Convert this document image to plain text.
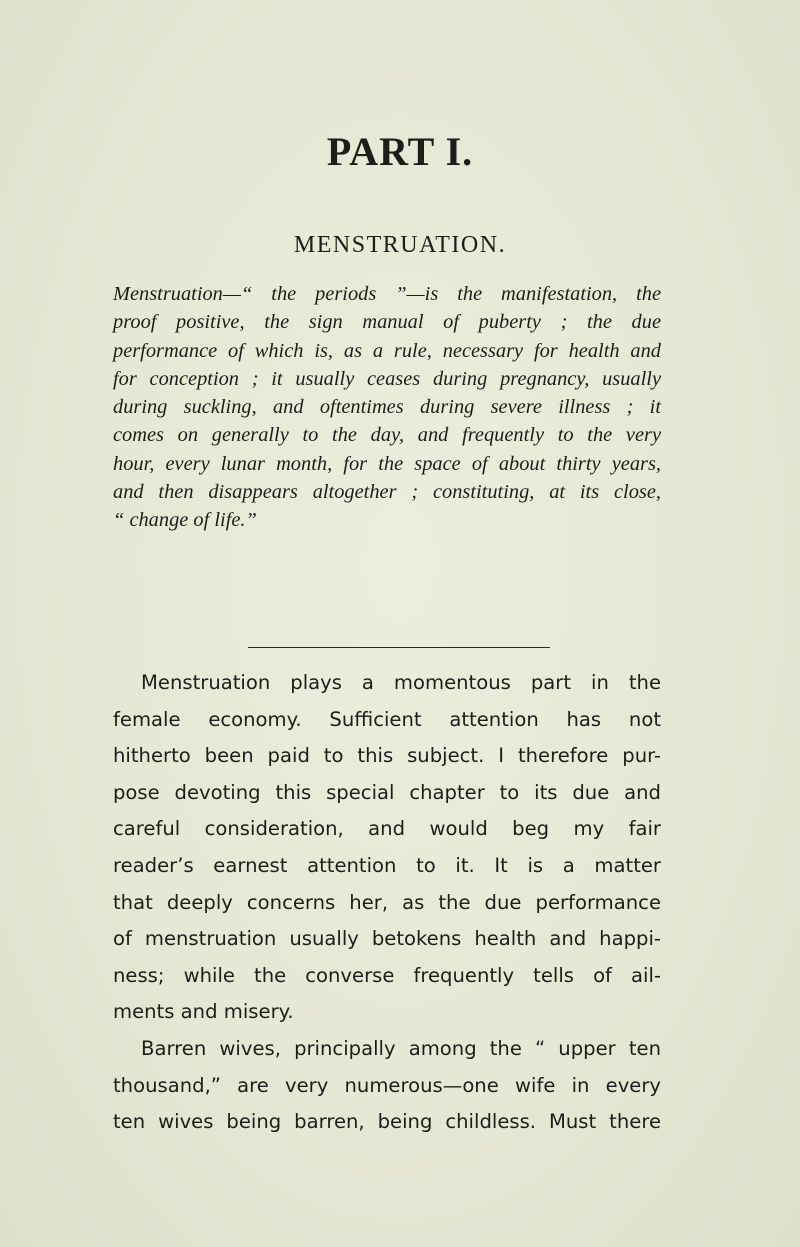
PART I.
MENSTRUATION.
Menstruation—“ the periods ”—is the manifestation, the
proof positive, the sign manual of puberty ; the due
performance of which is, as a rule, necessary for health and
for conception ; it usually ceases during pregnancy, usually
during suckling, and oftentimes during severe illness ; it
comes on generally to the day, and frequently to the very
hour, every lunar month, for the space of about thirty years,
and then disappears altogether ; constituting, at its close,
“ change of life.”
Menstruation plays a momentous part in the
female economy. Sufficient attention has not
hitherto been paid to this subject. I therefore pur-
pose devoting this special chapter to its due and
careful consideration, and would beg my fair
reader’s earnest attention to it. It is a matter
that deeply concerns her, as the due performance
of menstruation usually betokens health and happi-
ness; while the converse frequently tells of ail-
ments and misery.
Barren wives, principally among the “ upper ten
thousand,” are very numerous—one wife in every
ten wives being barren, being childless. Must there
